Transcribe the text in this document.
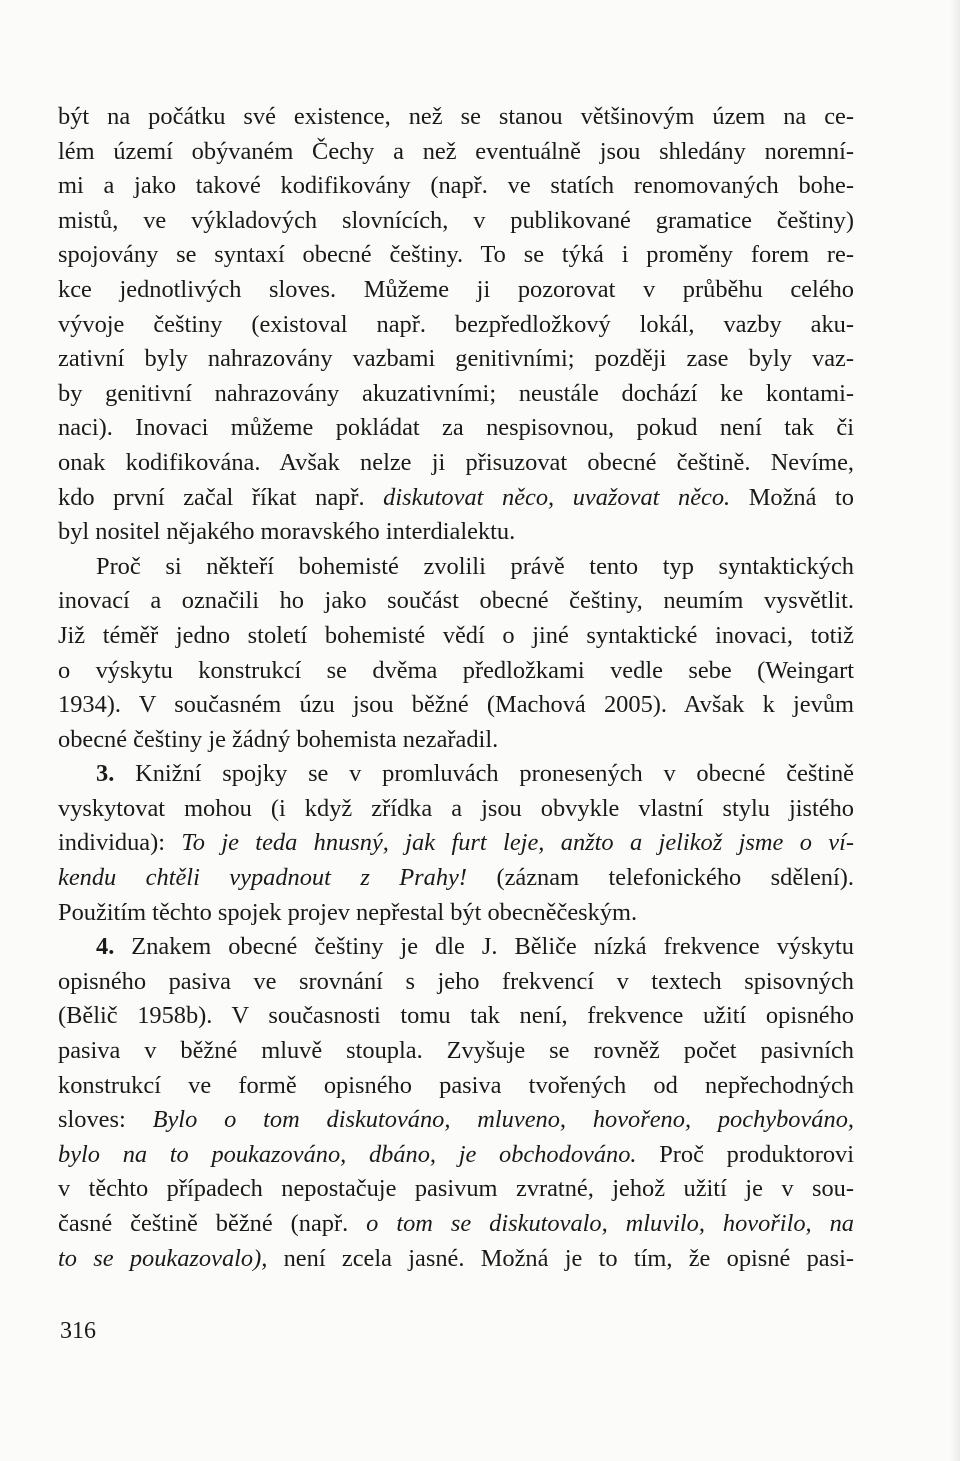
být na počátku své existence, než se stanou většinovým územ na ce-
lém území obývaném Čechy a než eventuálně jsou shledány noremní-
mi a jako takové kodifikovány (např. ve statích renomovaných bohe-
mistů, ve výkladových slovnících, v publikované gramatice češtiny)
spojovány se syntaxí obecné češtiny. To se týká i proměny forem re-
kce jednotlivých sloves. Můžeme ji pozorovat v průběhu celého
vývoje češtiny (existoval např. bezpředložkový lokál, vazby aku-
zativní byly nahrazovány vazbami genitivními; později zase byly vaz-
by genitivní nahrazovány akuzativními; neustále dochází ke kontami-
naci). Inovaci můžeme pokládat za nespisovnou, pokud není tak či
onak kodifikována. Avšak nelze ji přisuzovat obecné češtině. Nevíme,
kdo první začal říkat např. diskutovat něco, uvažovat něco. Možná to
byl nositel nějakého moravského interdialektu.
Proč si někteří bohemisté zvolili právě tento typ syntaktických
inovací a označili ho jako součást obecné češtiny, neumím vysvětlit.
Již téměř jedno století bohemisté vědí o jiné syntaktické inovaci, totiž
o výskytu konstrukcí se dvěma předložkami vedle sebe (Weingart
1934). V současném úzu jsou běžné (Machová 2005). Avšak k jevům
obecné češtiny je žádný bohemista nezařadil.
3. Knižní spojky se v promluvách pronesených v obecné češtině
vyskytovat mohou (i když zřídka a jsou obvykle vlastní stylu jistého
individua): To je teda hnusný, jak furt leje, anžto a jelikož jsme o ví-
kendu chtěli vypadnout z Prahy! (záznam telefonického sdělení).
Použitím těchto spojek projev nepřestal být obecněčeským.
4. Znakem obecné češtiny je dle J. Běliče nízká frekvence výskytu
opisného pasiva ve srovnání s jeho frekvencí v textech spisovných
(Bělič 1958b). V současnosti tomu tak není, frekvence užití opisného
pasiva v běžné mluvě stoupla. Zvyšuje se rovněž počet pasivních
konstrukcí ve formě opisného pasiva tvořených od nepřechodných
sloves: Bylo o tom diskutováno, mluveno, hovořeno, pochybováno,
bylo na to poukazováno, dbáno, je obchodováno. Proč produktorovi
v těchto případech nepostačuje pasivum zvratné, jehož užití je v sou-
časné češtině běžné (např. o tom se diskutovalo, mluvilo, hovořilo, na
to se poukazovalo), není zcela jasné. Možná je to tím, že opisné pasi-
316
